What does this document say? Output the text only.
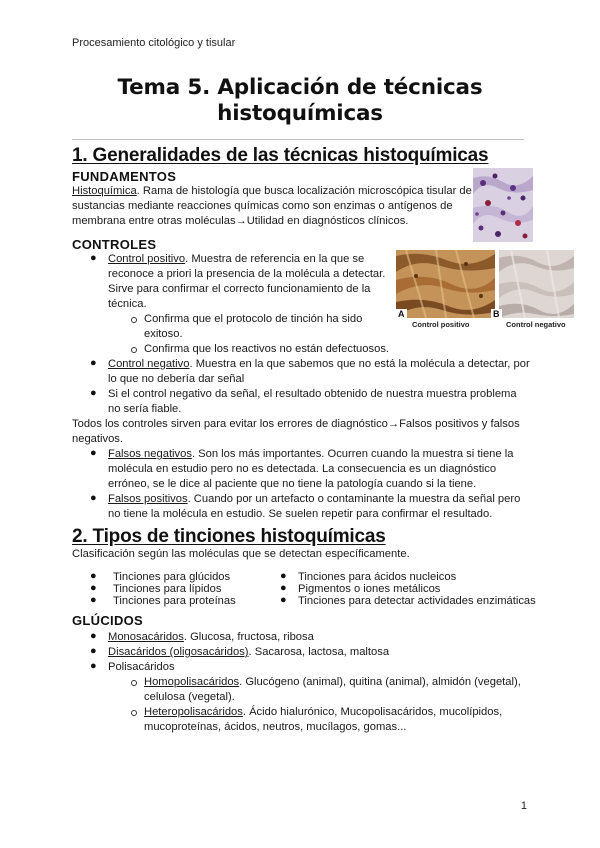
Procesamiento citológico y tisular
Tema 5. Aplicación de técnicas
histoquímicas
1. Generalidades de las técnicas histoquímicas
FUNDAMENTOS
Histoquímica. Rama de histología que busca localización microscópica tisular de
sustancias mediante reacciones químicas como son enzimas o antígenos de
membrana entre otras moléculas→Utilidad en diagnósticos clínicos.
CONTROLES
● Control positivo. Muestra de referencia en la que se
reconoce a priori la presencia de la molécula a detectar.
Sirve para confirmar el correcto funcionamiento de la
técnica.
Confirma que el protocolo de tinción ha sido
exitoso.
Confirma que los reactivos no están defectuosos.
A	B
Control positivo	Control negativo
● Control negativo. Muestra en la que sabemos que no está la molécula a detectar, por
lo que no debería dar señal
● Si el control negativo da señal, el resultado obtenido de nuestra muestra problema
no sería fiable.
Todos los controles sirven para evitar los errores de diagnóstico→Falsos positivos y falsos
negativos.
● Falsos negativos. Son los más importantes. Ocurren cuando la muestra si tiene la
molécula en estudio pero no es detectada. La consecuencia es un diagnóstico
erróneo, se le dice al paciente que no tiene la patología cuando si la tiene.
● Falsos positivos. Cuando por un artefacto o contaminante la muestra da señal pero
no tiene la molécula en estudio. Se suelen repetir para confirmar el resultado.
2. Tipos de tinciones histoquímicas
Clasificación según las moléculas que se detectan específicamente.
● Tinciones para glúcidos
● Tinciones para lípidos
● Tinciones para proteínas
● Tinciones para ácidos nucleicos
● Pigmentos o iones metálicos
● Tinciones para detectar actividades enzimáticas
GLÚCIDOS
● Monosacáridos. Glucosa, fructosa, ribosa
● Disacáridos (oligosacáridos). Sacarosa, lactosa, maltosa
● Polisacáridos
Homopolisacáridos. Glucógeno (animal), quitina (animal), almidón (vegetal),
celulosa (vegetal).
Heteropolisacáridos. Ácido hialurónico, Mucopolisacáridos, mucolípidos,
mucoproteínas, ácidos, neutros, mucílagos, gomas...
1
